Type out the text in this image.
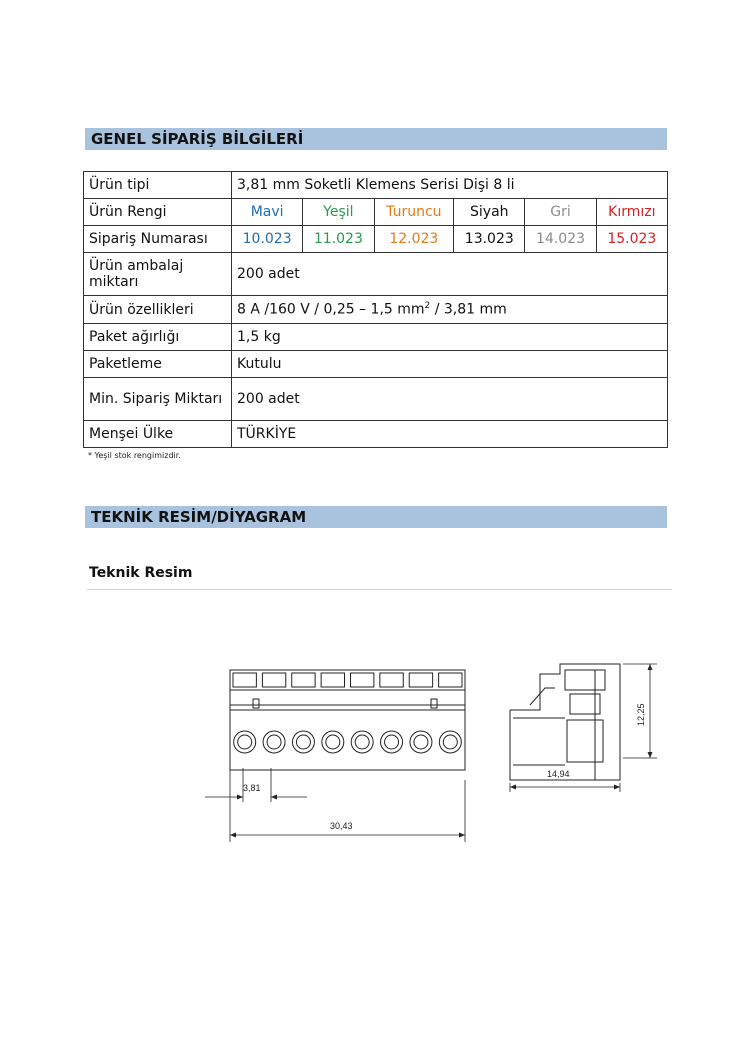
GENEL SİPARİŞ BİLGİLERİ
Ürün tipi	3,81 mm Soketli Klemens Serisi Dişi 8 li					
Ürün Rengi	Mavi	Yeşil	Turuncu	Siyah	Gri	Kırmızı
Sipariş Numarası	10.023	11.023	12.023	13.023	14.023	15.023
Ürün ambalaj miktarı	200 adet					
Ürün özellikleri	8 A /160 V / 0,25 – 1,5 $mm^2 / 3,81$ mm					
Paket ağırlığı	1,5 kg					
Paketleme	Kutulu					
Min. Sipariş Miktarı	200 adet					
Menşei Ülke	TÜRKİYE					
* Yeşil stok rengimizdir.
TEKNİK RESİM/DİYAGRAM
Teknik Resim
3,81
30,43
14,94
12,25
